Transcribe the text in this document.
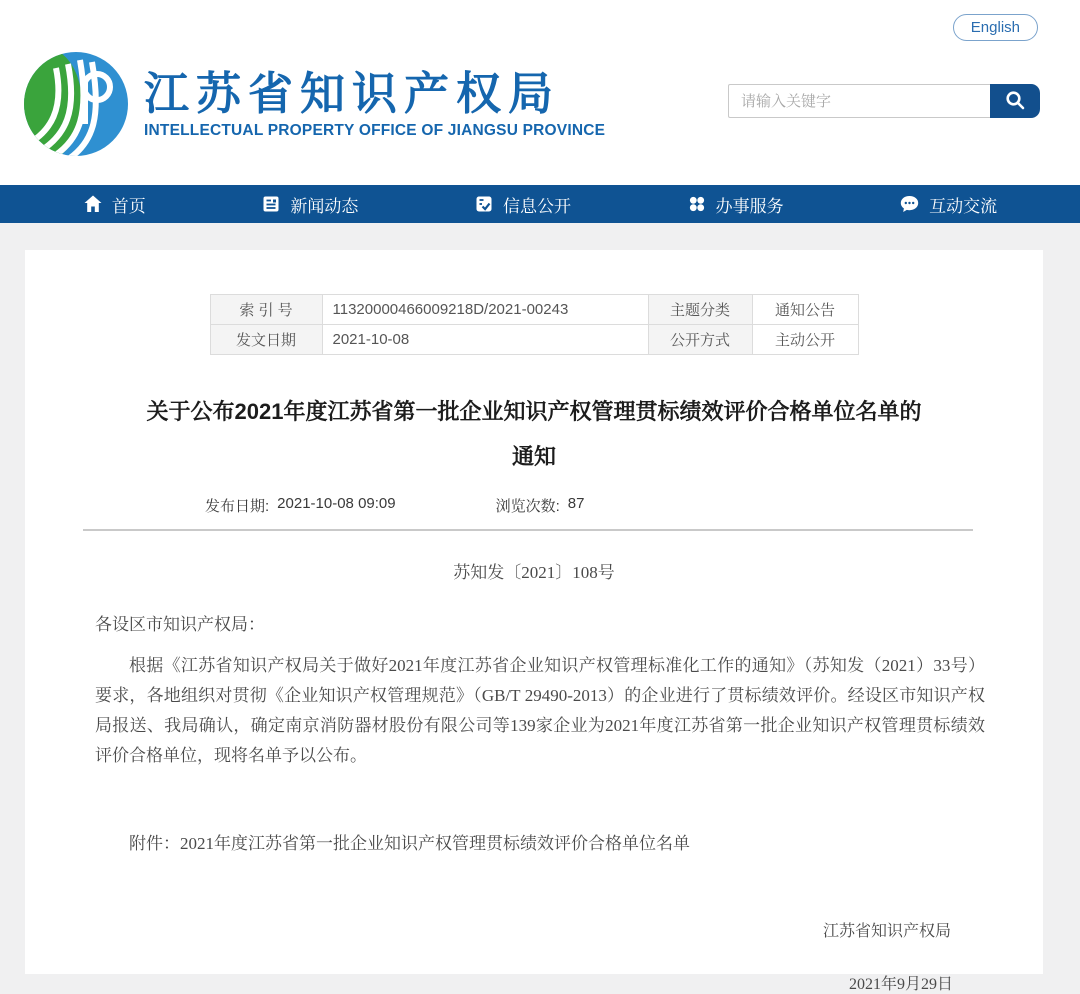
English
江苏省知识产权局
INTELLECTUAL PROPERTY OFFICE OF JIANGSU PROVINCE
请输入关键字
首页	新闻动态	信息公开	办事服务	互动交流
索 引 号	11320000466009218D/2021-00243	主题分类	通知公告
发文日期	2021-10-08	公开方式	主动公开
关于公布2021年度江苏省第一批企业知识产权管理贯标绩效评价合格单位名单的
通知
发布日期: 2021-10-08 09:09	浏览次数: 87
苏知发〔2021〕108号
各设区市知识产权局：

根据《江苏省知识产权局关于做好2021年度江苏省企业知识产权管理标准化工作的通知》（苏知发（2021）33号）要求，各地组织对贯彻《企业知识产权管理规范》（GB/T 29490-2013）的企业进行了贯标绩效评价。经设区市知识产权局报送、我局确认，确定南京消防器材股份有限公司等139家企业为2021年度江苏省第一批企业知识产权管理贯标绩效评价合格单位，现将名单予以公布。

附件：2021年度江苏省第一批企业知识产权管理贯标绩效评价合格单位名单
江苏省知识产权局
2021年9月29日
